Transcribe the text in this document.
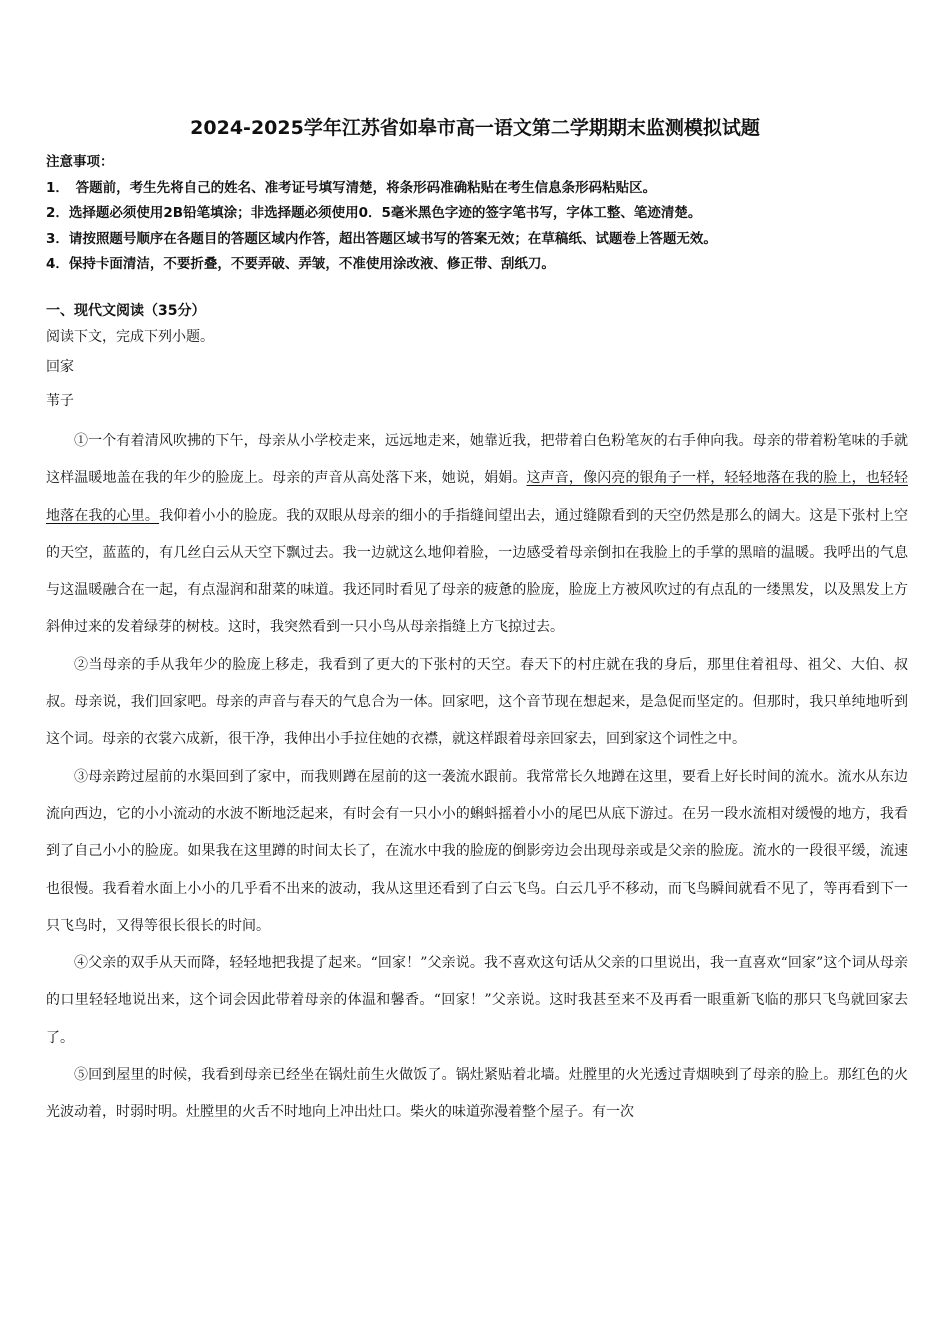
2024-2025学年江苏省如皋市高一语文第二学期期末监测模拟试题
注意事项：
1．　答题前，考生先将自己的姓名、准考证号填写清楚，将条形码准确粘贴在考生信息条形码粘贴区。
2．选择题必须使用2B铅笔填涂；非选择题必须使用0．5毫米黑色字迹的签字笔书写，字体工整、笔迹清楚。
3．请按照题号顺序在各题目的答题区域内作答，超出答题区域书写的答案无效；在草稿纸、试题卷上答题无效。
4．保持卡面清洁，不要折叠，不要弄破、弄皱，不准使用涂改液、修正带、刮纸刀。
一、现代文阅读（35分）
阅读下文，完成下列小题。
回家
苇子

①一个有着清风吹拂的下午，母亲从小学校走来，远远地走来，她靠近我，把带着白色粉笔灰的右手伸向我。母亲的带着粉笔味的手就这样温暖地盖在我的年少的脸庞上。母亲的声音从高处落下来，她说，娟娟。这声音，像闪亮的银角子一样，轻轻地落在我的脸上，也轻轻地落在我的心里。我仰着小小的脸庞。我的双眼从母亲的细小的手指缝间望出去，通过缝隙看到的天空仍然是那么的阔大。这是下张村上空的天空，蓝蓝的，有几丝白云从天空下飘过去。我一边就这么地仰着脸，一边感受着母亲倒扣在我脸上的手掌的黑暗的温暖。我呼出的气息与这温暖融合在一起，有点湿润和甜菜的味道。我还同时看见了母亲的疲惫的脸庞，脸庞上方被风吹过的有点乱的一缕黑发，以及黑发上方斜伸过来的发着绿芽的树枝。这时，我突然看到一只小鸟从母亲指缝上方飞掠过去。

②当母亲的手从我年少的脸庞上移走，我看到了更大的下张村的天空。春天下的村庄就在我的身后，那里住着祖母、祖父、大伯、叔叔。母亲说，我们回家吧。母亲的声音与春天的气息合为一体。回家吧，这个音节现在想起来，是急促而坚定的。但那时，我只单纯地听到这个词。母亲的衣裳六成新，很干净，我伸出小手拉住她的衣襟，就这样跟着母亲回家去，回到家这个词性之中。

③母亲跨过屋前的水渠回到了家中，而我则蹲在屋前的这一袭流水跟前。我常常长久地蹲在这里，要看上好长时间的流水。流水从东边流向西边，它的小小流动的水波不断地泛起来，有时会有一只小小的蝌蚪摇着小小的尾巴从底下游过。在另一段水流相对缓慢的地方，我看到了自己小小的脸庞。如果我在这里蹲的时间太长了，在流水中我的脸庞的倒影旁边会出现母亲或是父亲的脸庞。流水的一段很平缓，流速也很慢。我看着水面上小小的几乎看不出来的波动，我从这里还看到了白云飞鸟。白云几乎不移动，而飞鸟瞬间就看不见了，等再看到下一只飞鸟时，又得等很长很长的时间。

④父亲的双手从天而降，轻轻地把我提了起来。“回家！”父亲说。我不喜欢这句话从父亲的口里说出，我一直喜欢“回家”这个词从母亲的口里轻轻地说出来，这个词会因此带着母亲的体温和馨香。“回家！”父亲说。这时我甚至来不及再看一眼重新飞临的那只飞鸟就回家去了。

⑤回到屋里的时候，我看到母亲已经坐在锅灶前生火做饭了。锅灶紧贴着北墙。灶膛里的火光透过青烟映到了母亲的脸上。那红色的火光波动着，时弱时明。灶膛里的火舌不时地向上冲出灶口。柴火的味道弥漫着整个屋子。有一次
